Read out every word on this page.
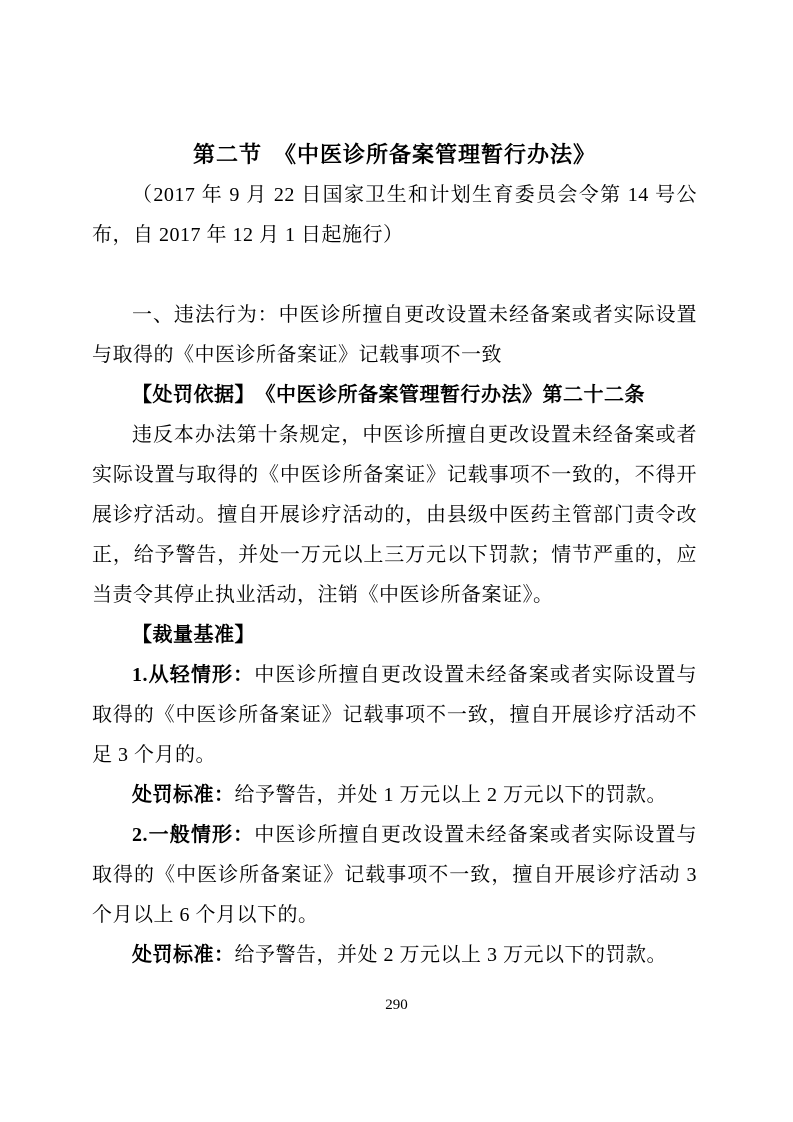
第二节　《中医诊所备案管理暂行办法》

（2017 年 9 月 22 日国家卫生和计划生育委员会令第 14 号公布，自 2017 年 12 月 1 日起施行）

一、违法行为：中医诊所擅自更改设置未经备案或者实际设置与取得的《中医诊所备案证》记载事项不一致

【处罚依据】　《中医诊所备案管理暂行办法》第二十二条

违反本办法第十条规定，中医诊所擅自更改设置未经备案或者实际设置与取得的《中医诊所备案证》记载事项不一致的，不得开展诊疗活动。擅自开展诊疗活动的，由县级中医药主管部门责令改正，给予警告，并处一万元以上三万元以下罚款；情节严重的，应当责令其停止执业活动，注销《中医诊所备案证》。

【裁量基准】

1.从轻情形：中医诊所擅自更改设置未经备案或者实际设置与取得的《中医诊所备案证》记载事项不一致，擅自开展诊疗活动不足 3 个月的。

处罚标准：给予警告，并处 1 万元以上 2 万元以下的罚款。

2.一般情形：中医诊所擅自更改设置未经备案或者实际设置与取得的《中医诊所备案证》记载事项不一致，擅自开展诊疗活动 3 个月以上 6 个月以下的。

处罚标准：给予警告，并处 2 万元以上 3 万元以下的罚款。

290
